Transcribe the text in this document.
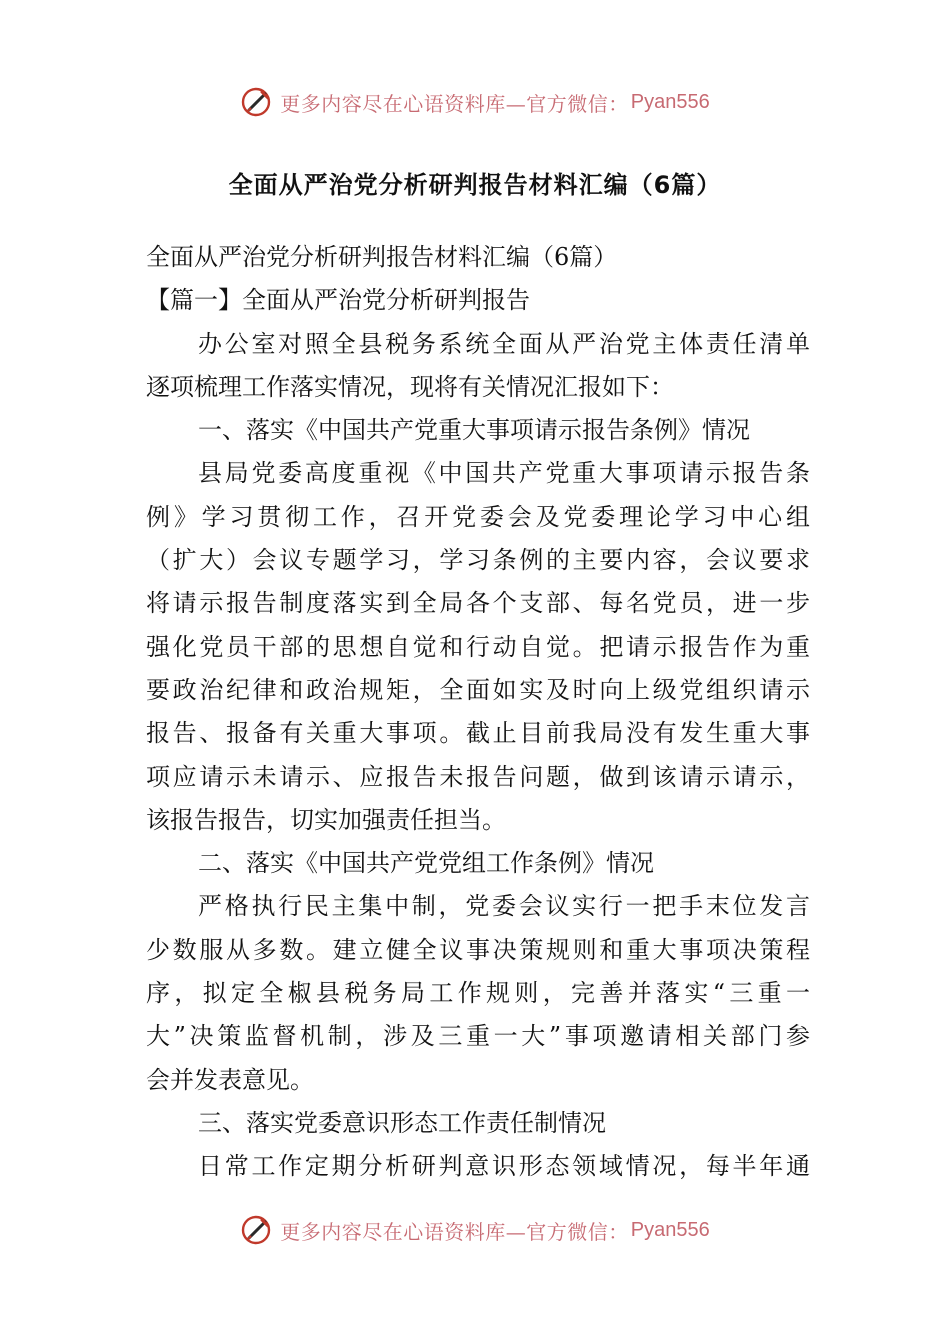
更多内容尽在心语资料库—官方微信： Pyan556
全面从严治党分析研判报告材料汇编（6篇）
全面从严治党分析研判报告材料汇编（6篇）
【篇一】全面从严治党分析研判报告
办公室对照全县税务系统全面从严治党主体责任清单
逐项梳理工作落实情况，现将有关情况汇报如下：
一、落实《中国共产党重大事项请示报告条例》情况
县局党委高度重视《中国共产党重大事项请示报告条
例》学习贯彻工作，召开党委会及党委理论学习中心组
（扩大）会议专题学习，学习条例的主要内容，会议要求
将请示报告制度落实到全局各个支部、每名党员，进一步
强化党员干部的思想自觉和行动自觉。把请示报告作为重
要政治纪律和政治规矩，全面如实及时向上级党组织请示
报告、报备有关重大事项。截止目前我局没有发生重大事
项应请示未请示、应报告未报告问题，做到该请示请示，
该报告报告，切实加强责任担当。
二、落实《中国共产党党组工作条例》情况
严格执行民主集中制，党委会议实行一把手末位发言
少数服从多数。建立健全议事决策规则和重大事项决策程
序，拟定全椒县税务局工作规则，完善并落实“三重一
大”决策监督机制，涉及三重一大”事项邀请相关部门参
会并发表意见。
三、落实党委意识形态工作责任制情况
日常工作定期分析研判意识形态领域情况，每半年通
更多内容尽在心语资料库—官方微信： Pyan556
